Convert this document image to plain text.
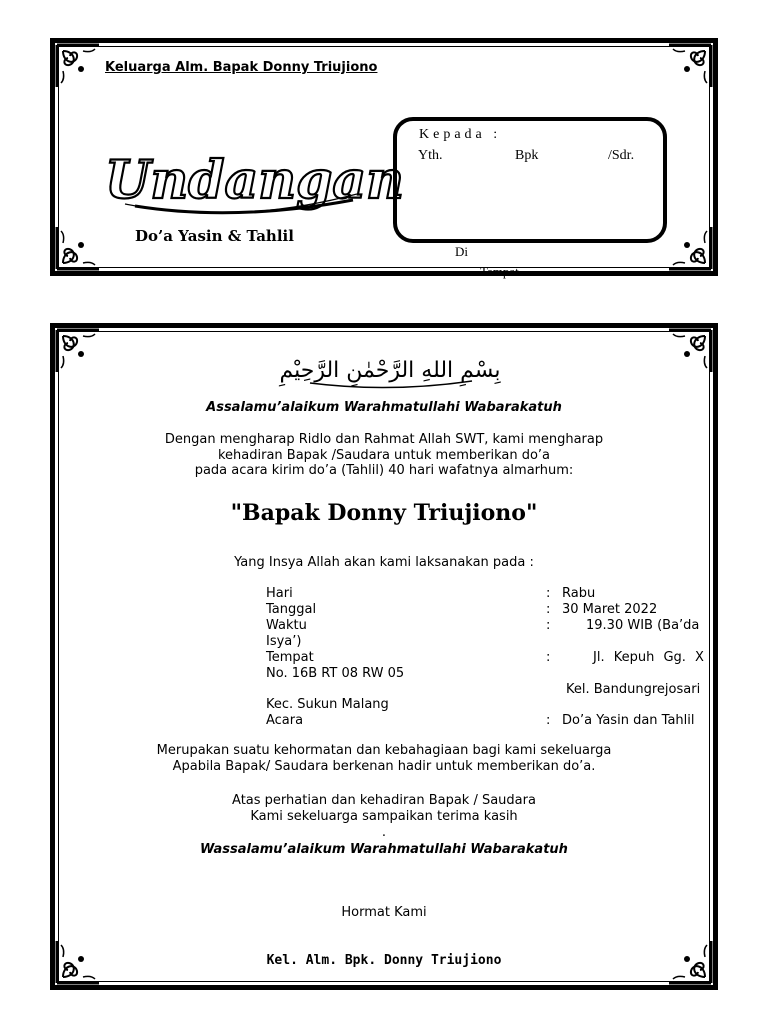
Keluarga Alm. Bapak Donny Triujiono
Undangan
Do’a Yasin & Tahlil
Kepada :
Yth.	Bpk	/Sdr.
Di
Tempat.
بِسْمِ اللهِ الرَّحْمٰنِ الرَّحِيْمِ
Assalamu’alaikum Warahmatullahi Wabarakatuh
Dengan mengharap Ridlo dan Rahmat Allah SWT, kami mengharap
kehadiran Bapak /Saudara untuk memberikan do’a
pada acara kirim do’a (Tahlil) 40 hari wafatnya almarhum:
"Bapak Donny Triujiono"
Yang Insya Allah akan kami laksanakan pada :
Hari	: Rabu
Tanggal	: 30 Maret 2022
Waktu	:	19.30 WIB (Ba’da
Isya’)
Tempat	:	Jl. Kepuh Gg. X
No. 16B RT 08 RW 05
Kel. Bandungrejosari
Kec. Sukun Malang
Acara	: Do’a Yasin dan Tahlil
Merupakan suatu kehormatan dan kebahagiaan bagi kami sekeluarga
Apabila Bapak/ Saudara berkenan hadir untuk memberikan do’a.
Atas perhatian dan kehadiran Bapak / Saudara
Kami sekeluarga sampaikan terima kasih
.
Wassalamu’alaikum Warahmatullahi Wabarakatuh
Hormat Kami
Kel. Alm. Bpk. Donny Triujiono
